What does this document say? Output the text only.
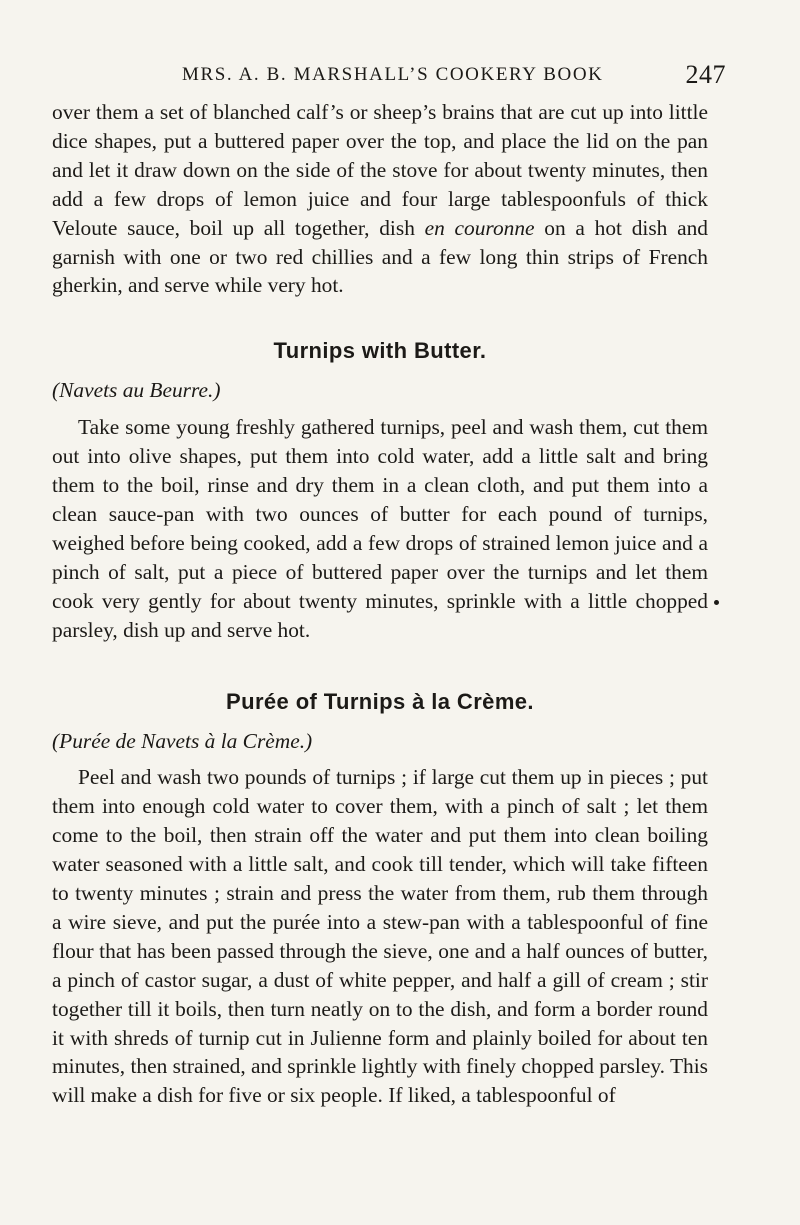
MRS. A. B. MARSHALL’S COOKERY BOOK	247

over them a set of blanched calf’s or sheep’s brains that are cut up into little dice shapes, put a buttered paper over the top, and place the lid on the pan and let it draw down on the side of the stove for about twenty minutes, then add a few drops of lemon juice and four large tablespoonfuls of thick Veloute sauce, boil up all together, dish en couronne on a hot dish and garnish with one or two red chillies and a few long thin strips of French gherkin, and serve while very hot.

Turnips with Butter.

(Navets au Beurre.)

Take some young freshly gathered turnips, peel and wash them, cut them out into olive shapes, put them into cold water, add a little salt and bring them to the boil, rinse and dry them in a clean cloth, and put them into a clean sauce-pan with two ounces of butter for each pound of turnips, weighed before being cooked, add a few drops of strained lemon juice and a pinch of salt, put a piece of buttered paper over the turnips and let them cook very gently for about twenty minutes, sprinkle with a little chopped parsley, dish up and serve hot.

Purée of Turnips à la Crème.

(Purée de Navets à la Crème.)

Peel and wash two pounds of turnips ; if large cut them up in pieces ; put them into enough cold water to cover them, with a pinch of salt ; let them come to the boil, then strain off the water and put them into clean boiling water seasoned with a little salt, and cook till tender, which will take fifteen to twenty minutes ; strain and press the water from them, rub them through a wire sieve, and put the purée into a stew-pan with a tablespoonful of fine flour that has been passed through the sieve, one and a half ounces of butter, a pinch of castor sugar, a dust of white pepper, and half a gill of cream ; stir together till it boils, then turn neatly on to the dish, and form a border round it with shreds of turnip cut in Julienne form and plainly boiled for about ten minutes, then strained, and sprinkle lightly with finely chopped parsley. This will make a dish for five or six people. If liked, a tablespoonful of
